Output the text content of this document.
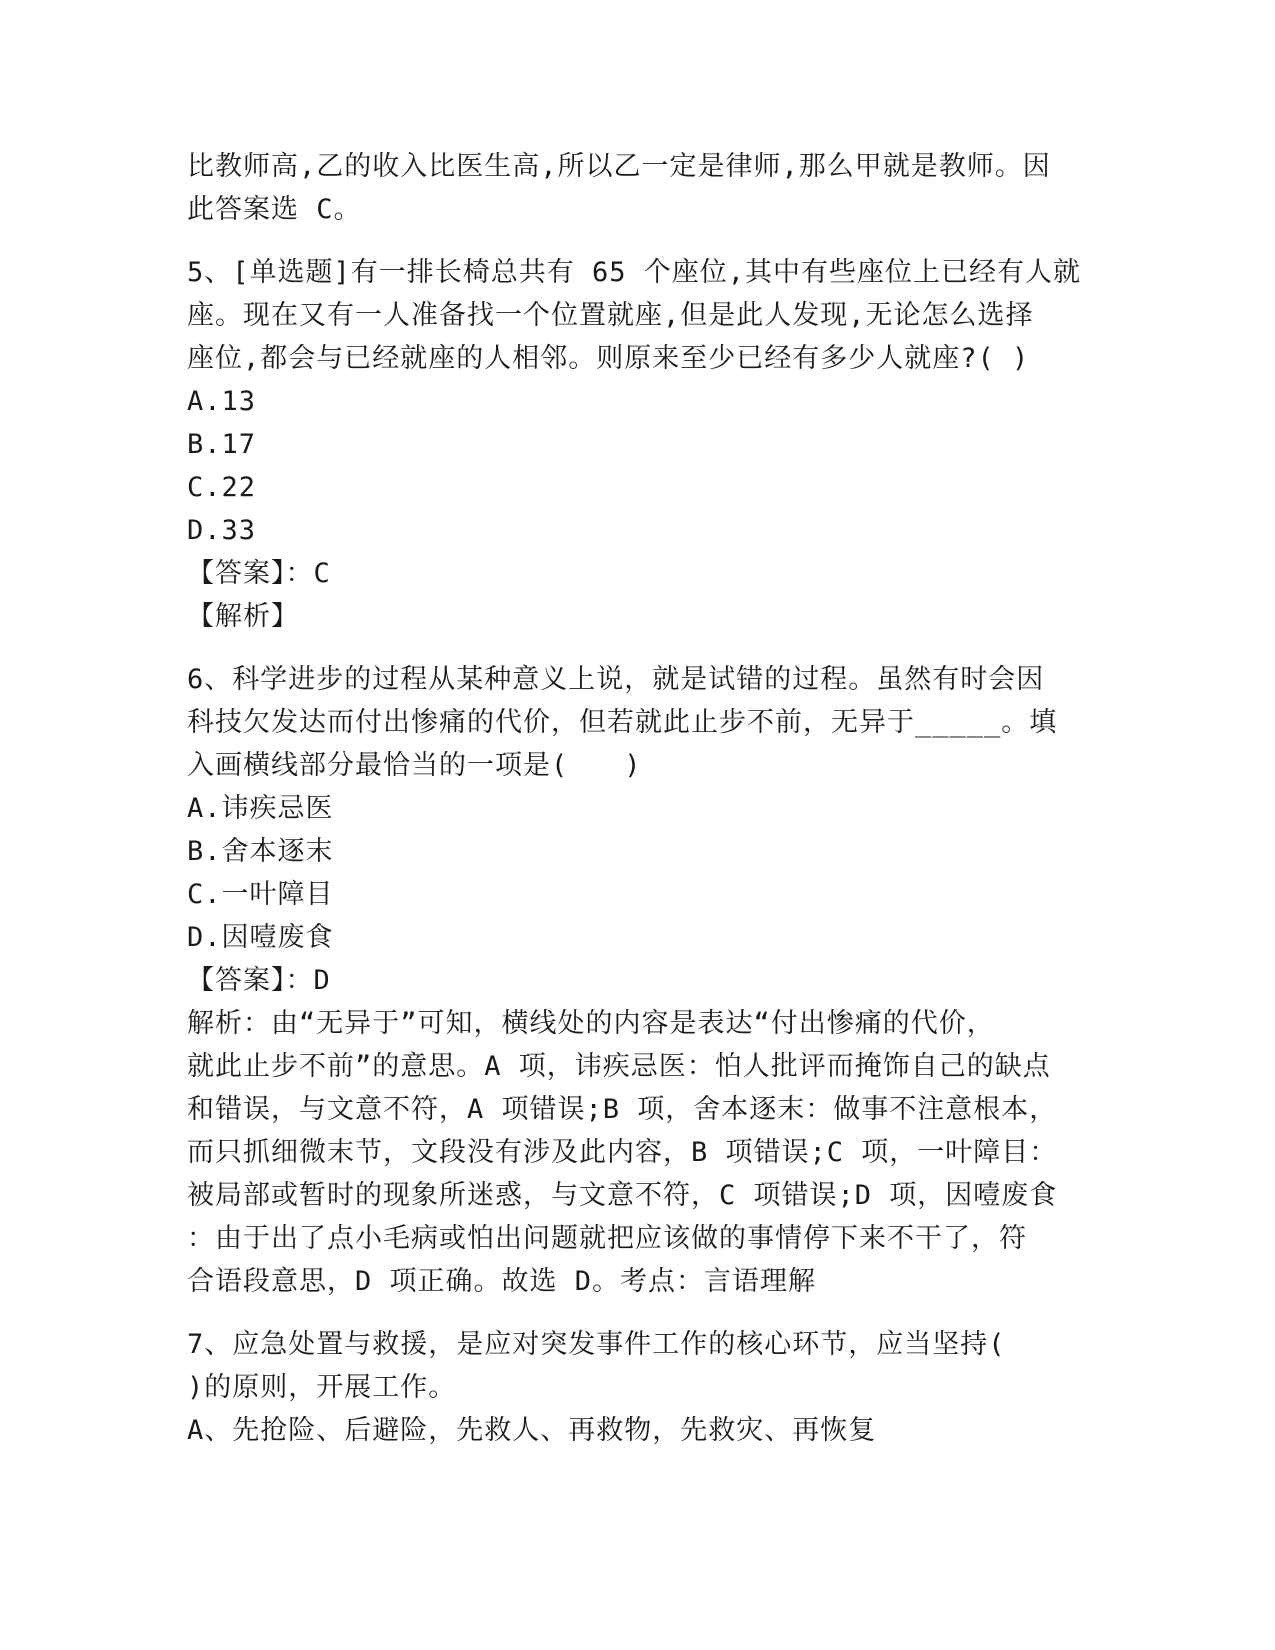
比教师高,乙的收入比医生高,所以乙一定是律师,那么甲就是教师。因
此答案选 C。
5、[单选题]有一排长椅总共有 65 个座位,其中有些座位上已经有人就
座。现在又有一人准备找一个位置就座,但是此人发现,无论怎么选择
座位,都会与已经就座的人相邻。则原来至少已经有多少人就座?( )
A.13
B.17
C.22
D.33
【答案】：C
【解析】
6、科学进步的过程从某种意义上说，就是试错的过程。虽然有时会因
科技欠发达而付出惨痛的代价，但若就此止步不前，无异于_____。填
入画横线部分最恰当的一项是(　　)
A.讳疾忌医
B.舍本逐末
C.一叶障目
D.因噎废食
【答案】：D
解析：由“无异于”可知，横线处的内容是表达“付出惨痛的代价，
就此止步不前”的意思。A 项，讳疾忌医：怕人批评而掩饰自己的缺点
和错误，与文意不符，A 项错误;B 项，舍本逐末：做事不注意根本，
而只抓细微末节，文段没有涉及此内容，B 项错误;C 项，一叶障目：
被局部或暂时的现象所迷惑，与文意不符，C 项错误;D 项，因噎废食
：由于出了点小毛病或怕出问题就把应该做的事情停下来不干了，符
合语段意思，D 项正确。故选 D。考点：言语理解
7、应急处置与救援，是应对突发事件工作的核心环节，应当坚持(
)的原则，开展工作。
A、先抢险、后避险，先救人、再救物，先救灾、再恢复
